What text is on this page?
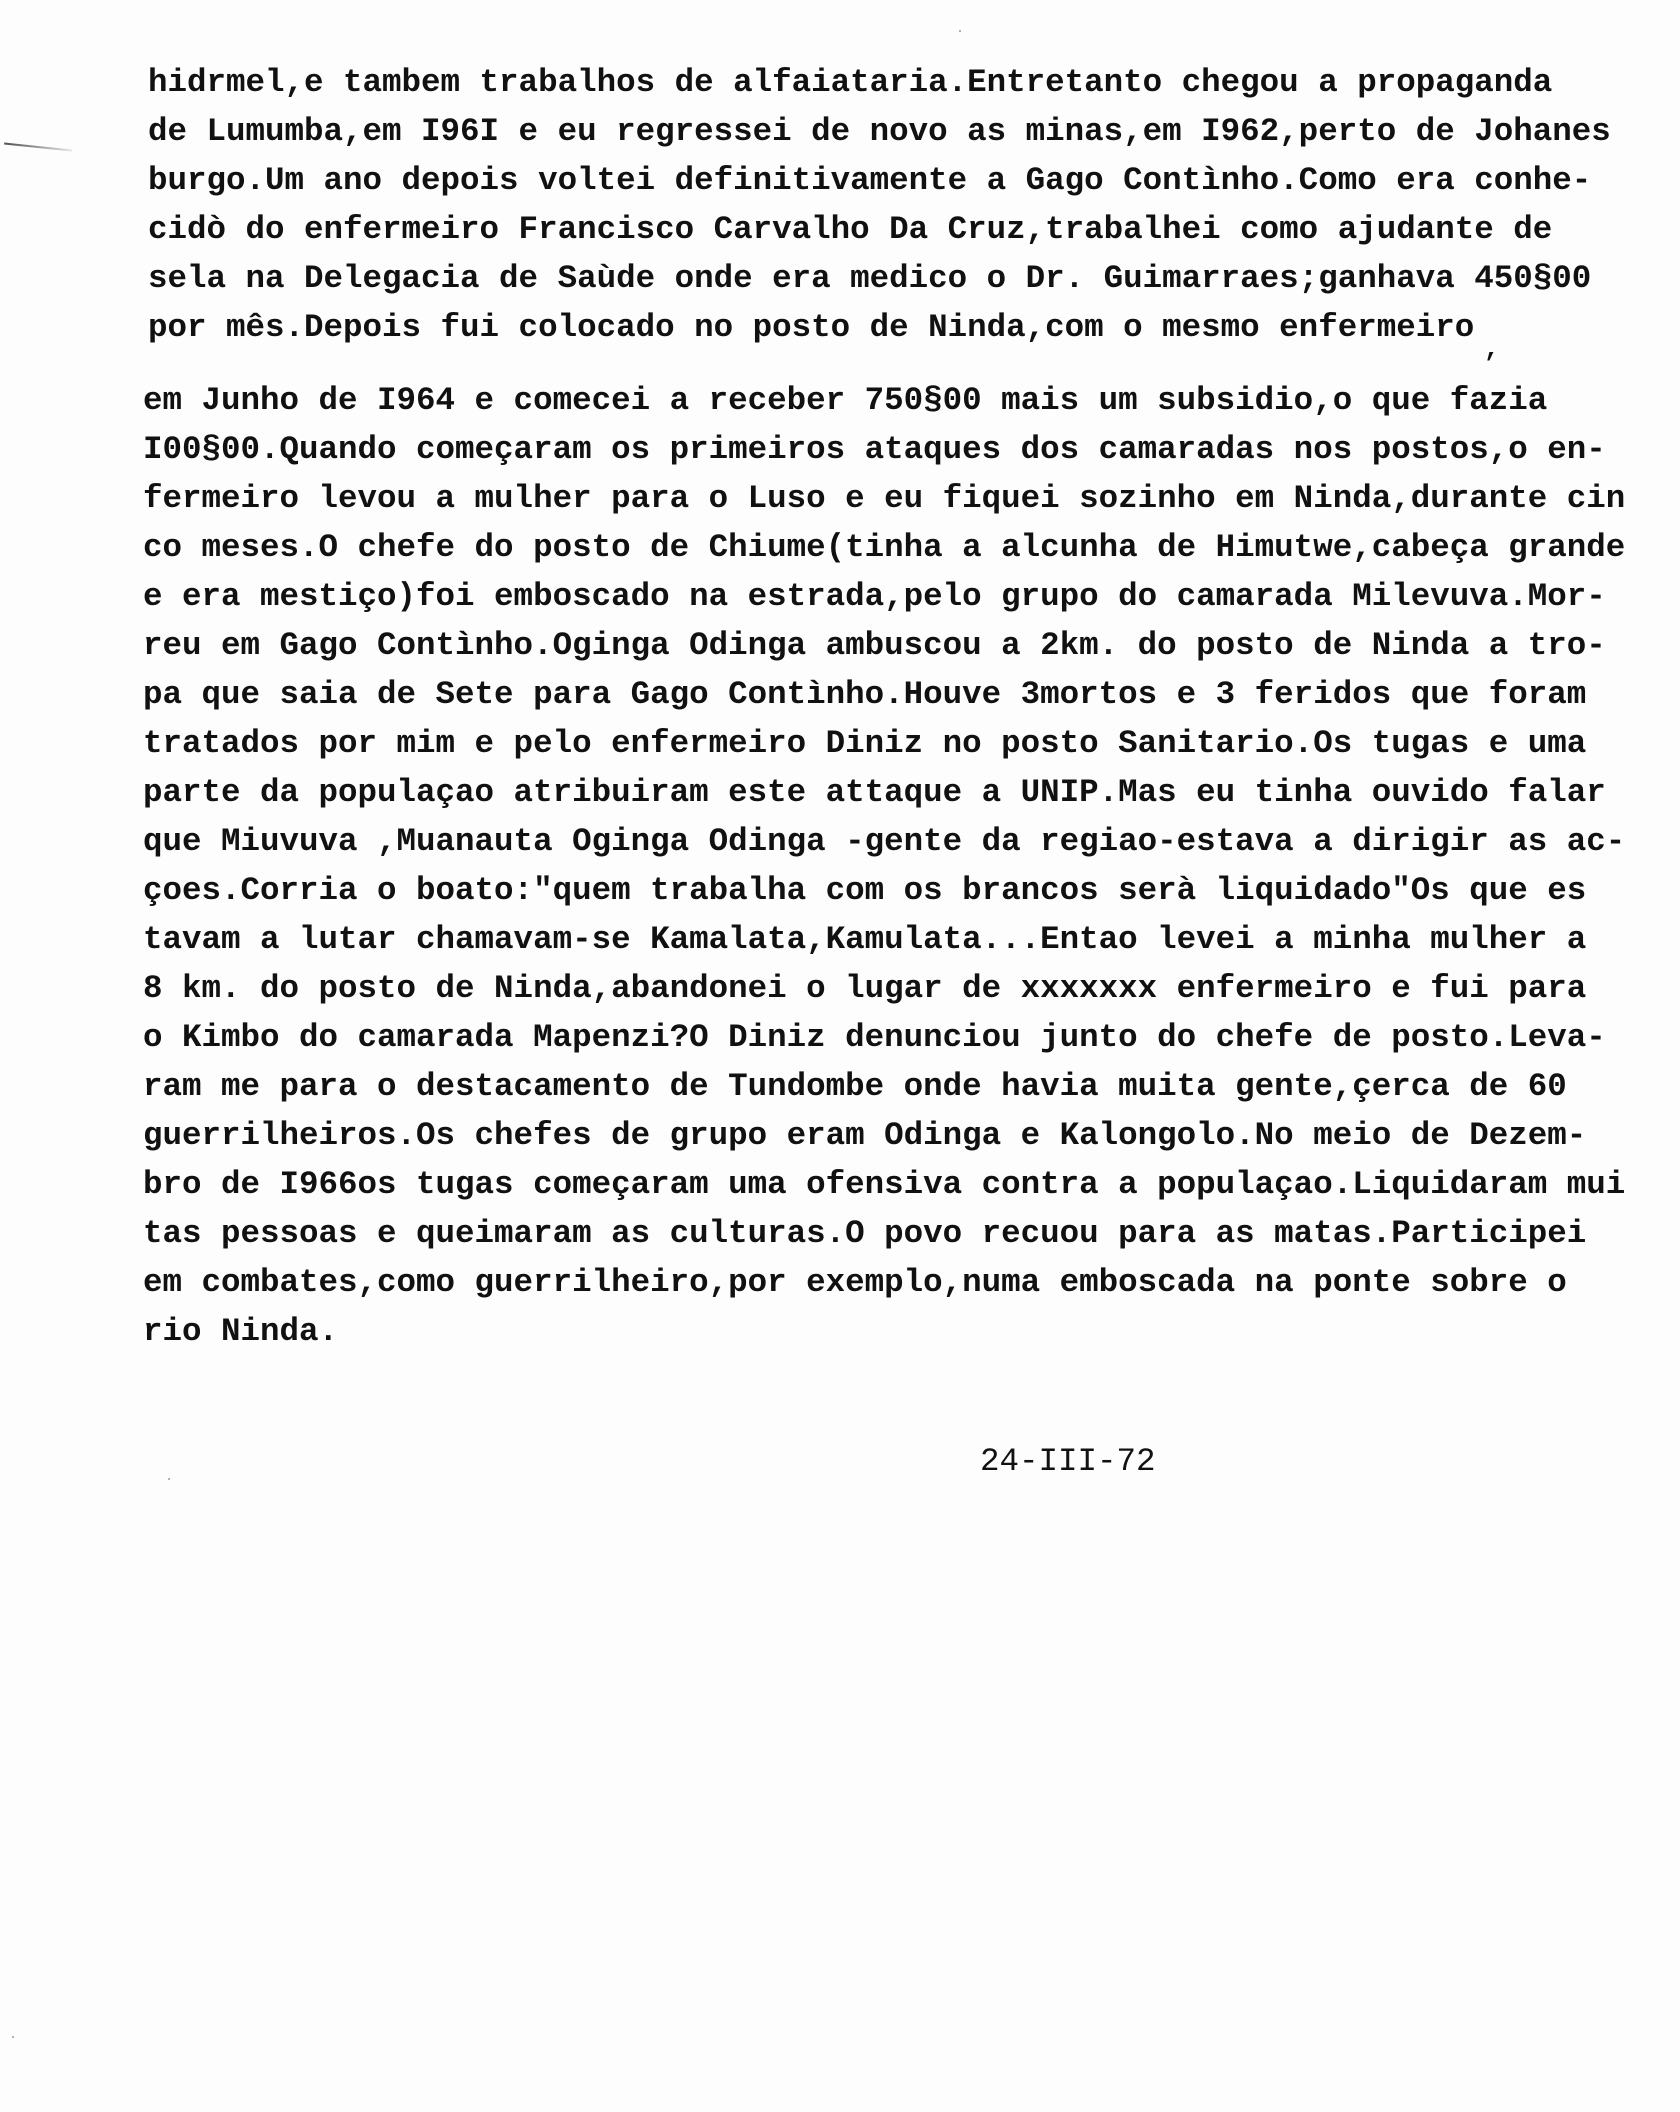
hidrmel,e tambem trabalhos de alfaiataria.Entretanto chegou a propaganda

de Lumumba,em I96I e eu regressei de novo as minas,em I962,perto de Johanes

burgo.Um ano depois voltei definitivamente a Gago Contìnho.Como era conhe-

cidò do enfermeiro Francisco Carvalho Da Cruz,trabalhei como ajudante de

sela na Delegacia de Saùde onde era medico o Dr. Guimarraes;ganhava 450§00

por mês.Depois fui colocado no posto de Ninda,com o mesmo enfermeiro

,

em Junho de I964 e comecei a receber 750§00 mais um subsidio,o que fazia

I00§00.Quando começaram os primeiros ataques dos camaradas nos postos,o en-

fermeiro levou a mulher para o Luso e eu fiquei sozinho em Ninda,durante cin

co meses.O chefe do posto de Chiume(tinha a alcunha de Himutwe,cabeça grande

e era mestiço)foi emboscado na estrada,pelo grupo do camarada Milevuva.Mor-

reu em Gago Contìnho.Oginga Odinga ambuscou a 2km. do posto de Ninda a tro-

pa que saia de Sete para Gago Contìnho.Houve 3mortos e 3 feridos que foram

tratados por mim e pelo enfermeiro Diniz no posto Sanitario.Os tugas e uma

parte da populaçao atribuiram este attaque a UNIP.Mas eu tinha ouvido falar

que Miuvuva ,Muanauta Oginga Odinga -gente da regiao-estava a dirigir as ac-

çoes.Corria o boato:"quem trabalha com os brancos serà liquidado"Os que es

tavam a lutar chamavam-se Kamalata,Kamulata...Entao levei a minha mulher a

8 km. do posto de Ninda,abandonei o lugar de xxxxxxx enfermeiro e fui para

o Kimbo do camarada Mapenzi?O Diniz denunciou junto do chefe de posto.Leva-

ram me para o destacamento de Tundombe onde havia muita gente,çerca de 60

guerrilheiros.Os chefes de grupo eram Odinga e Kalongolo.No meio de Dezem-

bro de I966os tugas começaram uma ofensiva contra a populaçao.Liquidaram mui

tas pessoas e queimaram as culturas.O povo recuou para as matas.Participei

em combates,como guerrilheiro,por exemplo,numa emboscada na ponte sobre o

rio Ninda.

24-III-72
